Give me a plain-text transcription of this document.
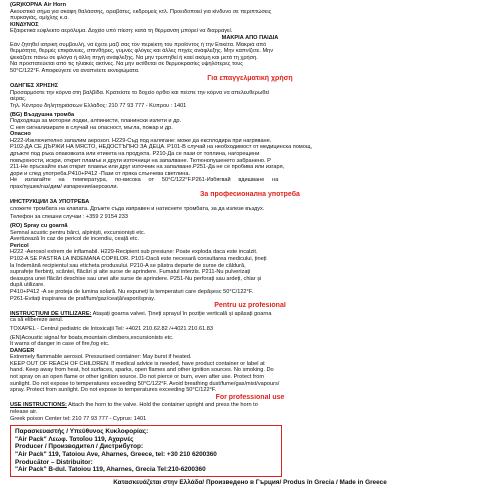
(GR)ΚΟΡΝΑ Air Horn
Ακουστικό σήμα για σκάφη θαλάσσης, ορειβάτες, εκδρομείς κτλ. Προειδοποιεί για κίνδυνο σε περιπτώσεις
πυρκαγιάς, ομίχλης κ.α.
ΚΙΝΔΥΝΟΣ
Εξαιρετικά εύφλεκτο αερόλυμα. Δοχείο υπό πίεση: κατά τη θέρμανση μπορεί να διαρραγεί.
ΜΑΚΡΙΑ ΑΠΟ ΠΑΙΔΙΑ
Εάν ζητηθεί ιατρική συμβουλή, να έχετε μαζί σας τον περιέκτη του προϊόντος ή την Ετικέτα. Μακριά από
θερμότητα, θερμές επιφάνειες, σπινθήρες, γυμνές φλόγες και άλλες πηγές ανάφλεξης. Μην καπνίζετε. Μην
ψεκάζετε πάνω σε φλόγα ή άλλη πηγή ανάφλεξης. Να μην τρυπηθεί ή καεί ακόμη και μετά τη χρήση.
Να προστατεύεται από τις ηλιακές ακτίνες. Να μην εκτίθεται σε θερμοκρασίες υψηλότερες τους
50°C/122°F. Αποφεύγετε να αναπνέετε εκνεφώματα.
Για επαγγελματική χρήση
ΟΔΗΓΙΕΣ ΧΡΗΣΗΣ
Προσαρμόστε την κόρνα στη βαλβίδα. Κρατείστε το δοχείο όρθιο και πιέστε την κόρνα να απελευθερωθεί
αέρας.
Τηλ. Κέντρου δηλητηριάσεων Ελλάδος: 210 77 93 777 - Κύπρου : 1401
(BG) Въздушна тромба
Подходяща за моторни лодки, алпинисти, планински излети и др.
С нея сигнализирате в случай на опасност, мъгла, пожар и др.
Опасно
H222-Изключително запалим аерозол. H229-Съд под налягане: може да експлодира при нагряване.
P102-ДА СЕ ДЪРЖИ НА МЯСТО, НЕДОСТЪПНО ЗА ДЕЦА. P101-В случай на необходимост от медицинска помощ,
дръжте под ръка опаковката или етикета на продукта. P210-Да се пази от топлина, нагорещени
повърхности, искри, открит пламък и други източници на запалване. Тютюнопушенето забранено. P
211-Не пръскайте към открит пламък или друг източник на запалване.P251-Да не се пробива или изгаря,
дори и след употреба.P410+P412 -Пази от пряка слънчева светлина.
Не     излагайте     на     температура,     по-висока     от     50°C/122°F.P261-Избягвай     вдишване     на
прах/пушек/газ/дим/ изпарения/аерозоли.
За професионална употреба
ИНСТРУКЦИИ ЗА УПОТРЕБА
сложете тромбата на клапата. Дръжте съда изправен и натиснете тромбата, за да излезе въздух.
Телефон за спешни случаи : +359 2 9154 233
(RO) Spray cu goarnă
Semnal acustic pentru bărci, alpiniști, excursioniști etc.
Avertizează în caz de pericol de incendiu, ceață etc.
Pericol
H222 -Aerosol extrem de inflamabil. H229-Recipient sub presiune: Poate exploda daca este incalzit.
P102-A SE PĂSTRA LA ÎNDEMÂNA COPIILOR. P101-Dacă este necesară consultarea medicului, țineți
la îndemână recipientul sau eticheta produsului. P210-A se păstra departe de surse de căldură,
suprafețe fierbinți, scântei, flăcări și alte surse de aprindere. Fumatul interzis. P211-Nu pulverizați
deasupra unei flăcări deschise sau unei alte surse de aprindere. P251-Nu perforați sau ardeți, chiar și
după utilizare.
P410+P412 -A se proteja de lumina solară. Nu expuneți la temperaturi care depășesc 50°C/122°F.
P261-Evitați inspirarea de praf/fum/gaz/ceață/vapori/spray.
Pentru uz profesional
INSTRUCȚIUNI DE UTILIZARE: Atașați goarna valvei. Țineți sprayul în poziție verticală și apăsați goarna
ca să elibereze aerul.
TOXAPEL - Centrul pediatric de Intoxicații Tel: +4021 210.62.82 /+4021 210.61.83
(EN)Acoustic signal for boats,mountain climbers,excursionists etc.
It warns of danger in case of fire,fog etc.
DANGER
Extremely flammable aerosol. Pressurised container: May burst if heated.
KEEP OUT OF REACH OF CHILDREN. If medical advice is needed, have product container or label at
hand. Keep away from heat, hot surfaces, sparks, open flames and other ignition sources. No smoking. Do
not spray on an open flame or other ignition source. Do not pierce or burn, even after use. Protect from
sunlight. Do not expose to temperatures exceeding 50°C/122°F. Avoid breathing dust/fume/gas/mist/vapours/
spray. Protect from sunlight. Do not expose to temperatures exceeding 50°C/122°F.
For professional use
USE INSTRUCTIONS: Attach the horn to the valve. Hold the container upright and press the horn to
release air.
Greek poison Center tel: 210 77 93 777 - Cyprus: 1401
Παρασκευαστής / Υπεύθυνος Κυκλοφορίας:
"Air Pack" Λεωφ. Τατοΐου 119, Αχαρνές
Producer / Производител / Дистрибутор:
"Air Pack" 119, Tatoiou Ave, Aharnes, Greece, tel: +30 210 6200360
Producător – Distribuitor:
"Air Pack" B-dul. Tatoiou 119, Aharnes, Grecia Tel:210-6200360
Κατασκευάζεται στην Ελλάδα/ Произведено в Гърция/ Produs în Grecia / Made in Greece
